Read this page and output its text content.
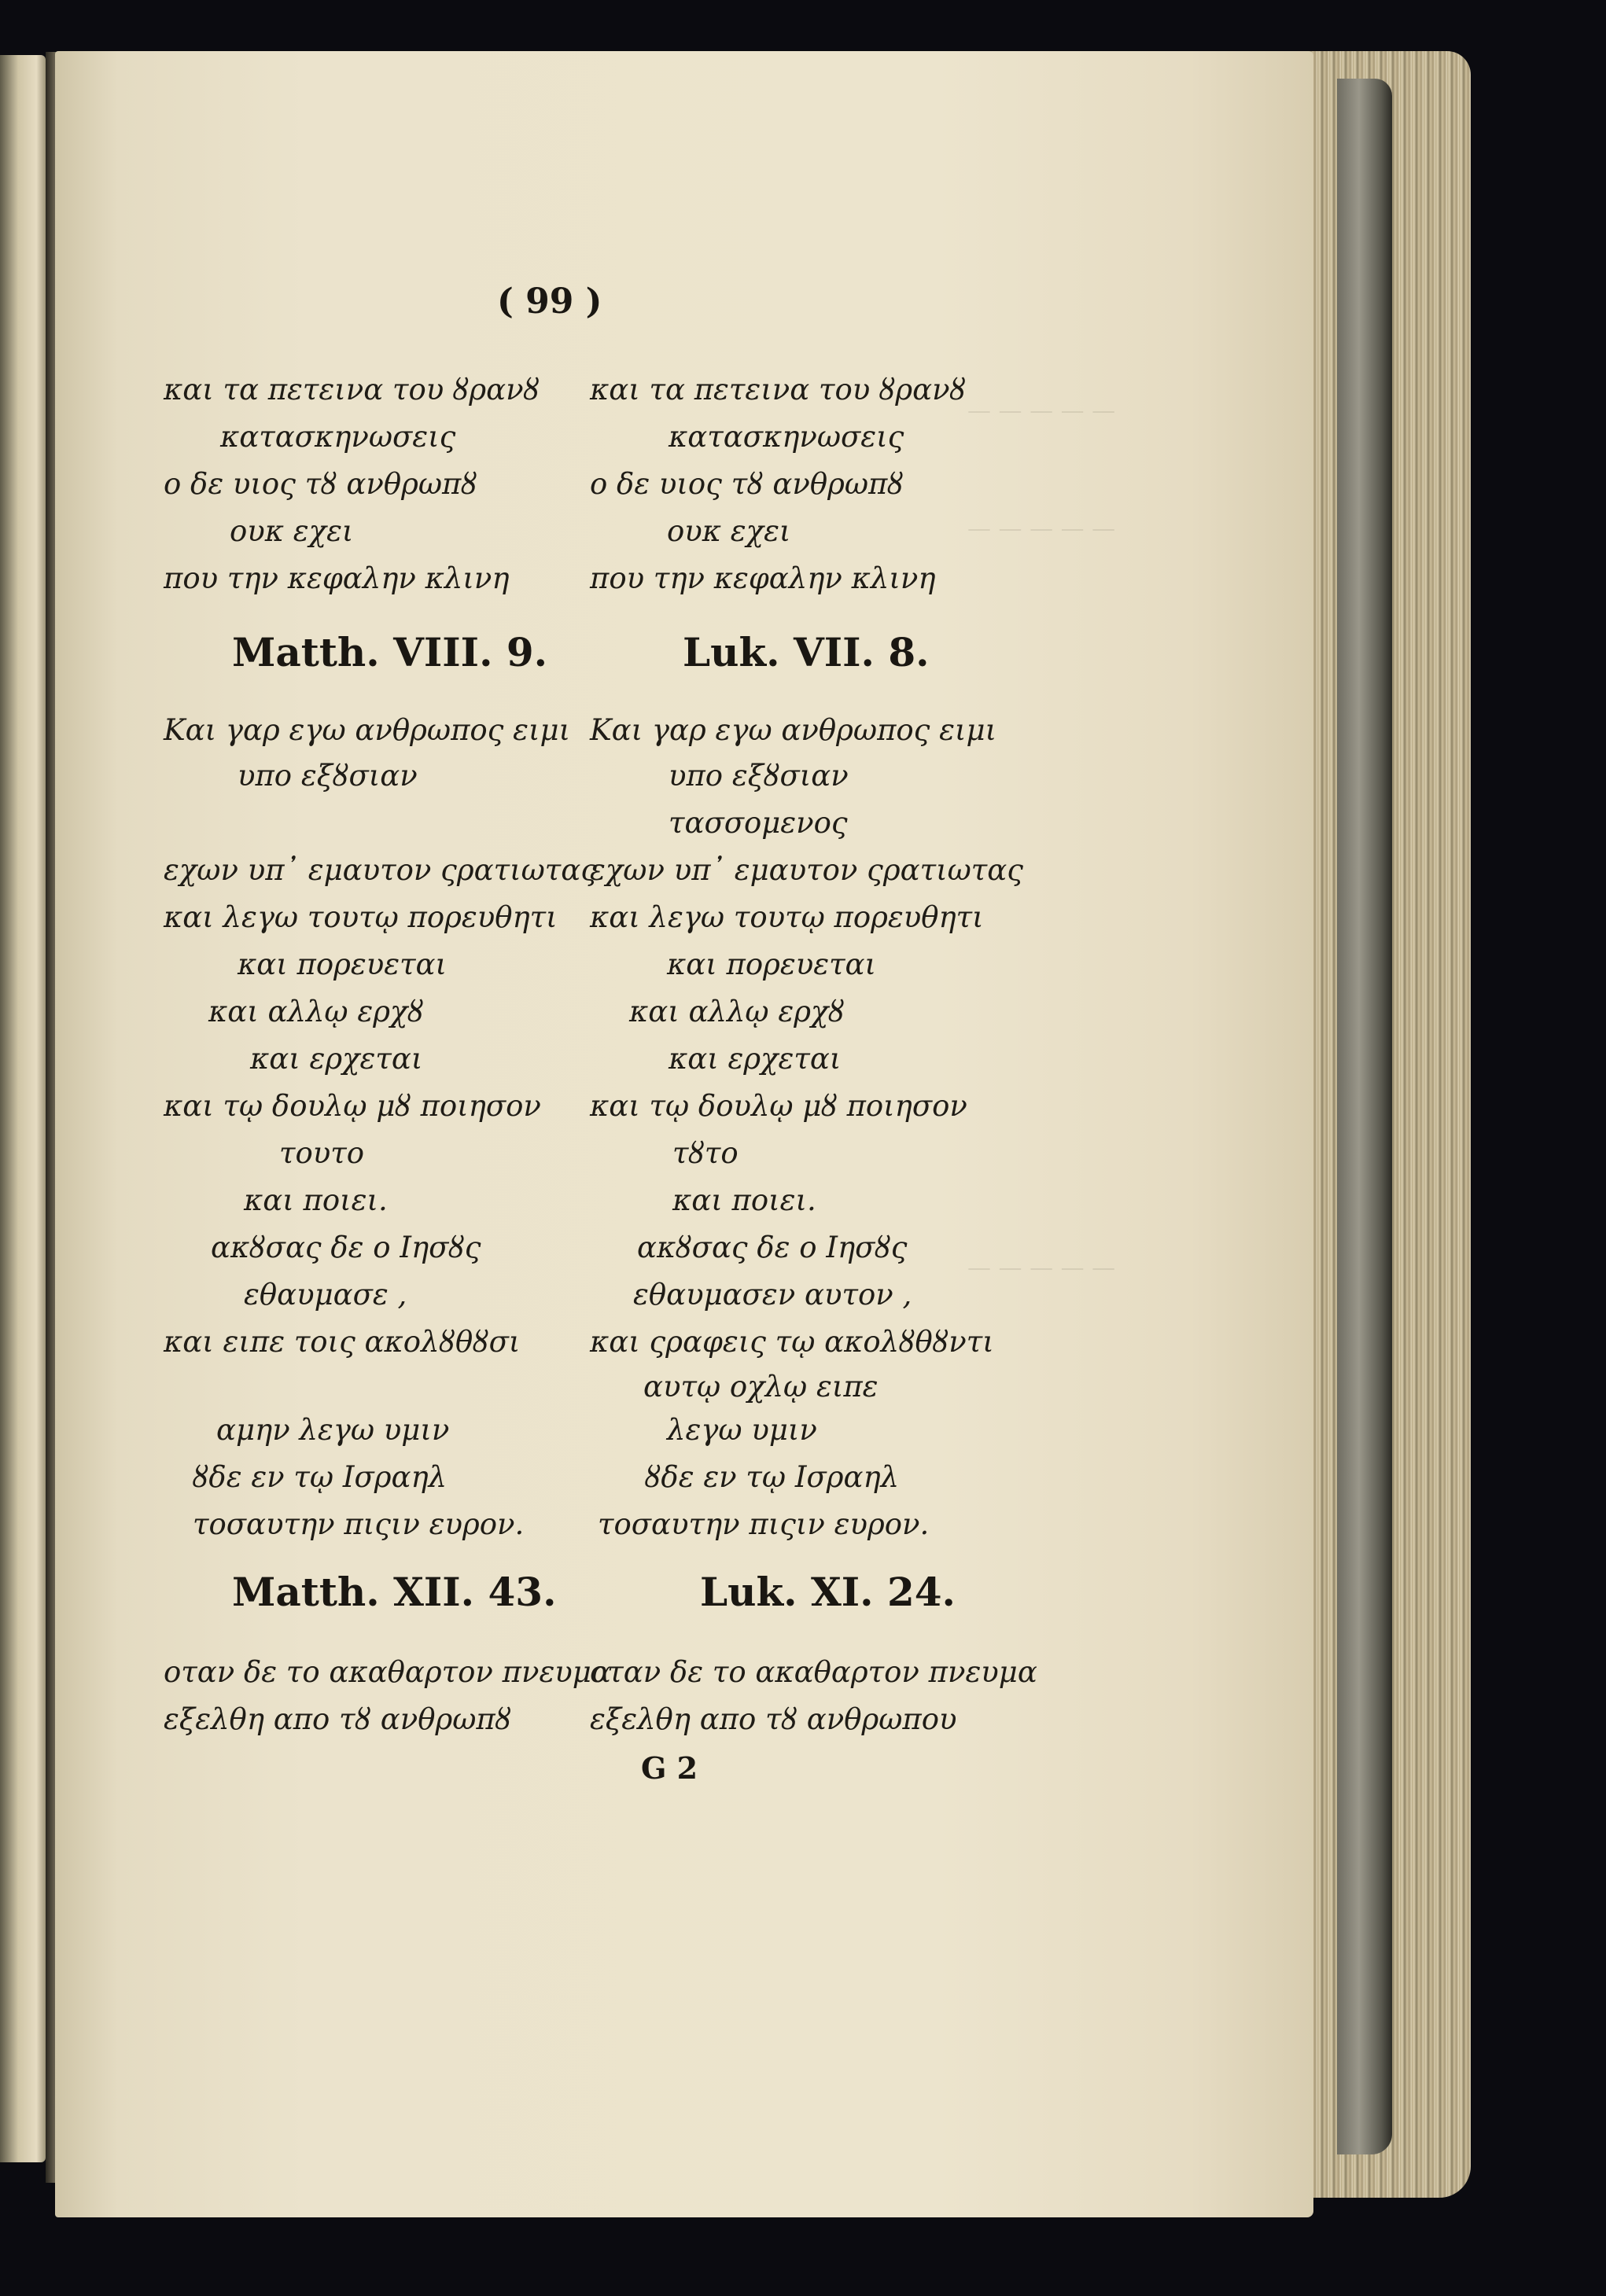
( 99 )
και τα πετεινα του ȣρανȣ
κατασκηνωσεις
ο δε υιος τȣ ανθρωπȣ
ουκ εχει
που την κεφαλην κλινη
Matth. VIII. 9.
Και γαρ εγω ανθρωπος ειμι
υπο εξȣσιαν
εχων υπ᾽ εμαυτον ςρατιωτας
και λεγω τουτῳ πορευθητι
και πορευεται
και αλλῳ ερχȣ
και ερχεται
και τῳ δουλῳ μȣ ποιησον
τουτο
και ποιει.
ακȣσας δε ο Ιησȣς
εθαυμασε ,
και ειπε τοις ακολȣθȣσι
αμην λεγω υμιν
ȣδε εν τῳ Ισραηλ
τοσαυτην πιςιν ευρον.
Matth. XII. 43.
οταν δε το ακαθαρτον πνευμα
εξελθη απο τȣ ανθρωπȣ
και τα πετεινα του ȣρανȣ
κατασκηνωσεις
ο δε υιος τȣ ανθρωπȣ
ουκ εχει
που την κεφαλην κλινη
Luk. VII. 8.
Και γαρ εγω ανθρωπος ειμι
υπο εξȣσιαν
τασσομενος
εχων υπ᾽ εμαυτον ςρατιωτας
και λεγω τουτῳ πορευθητι
και πορευεται
και αλλῳ ερχȣ
και ερχεται
και τῳ δουλῳ μȣ ποιησον
τȣτο
και ποιει.
ακȣσας δε ο Ιησȣς
εθαυμασεν αυτον ,
και ςραφεις τῳ ακολȣθȣντι
αυτῳ οχλῳ ειπε
λεγω υμιν
ȣδε εν τῳ Ισραηλ
τοσαυτην πιςιν ευρον.
Luk. XI. 24.
οταν δε το ακαθαρτον πνευμα
εξελθη απο τȣ ανθρωπου
G 2
